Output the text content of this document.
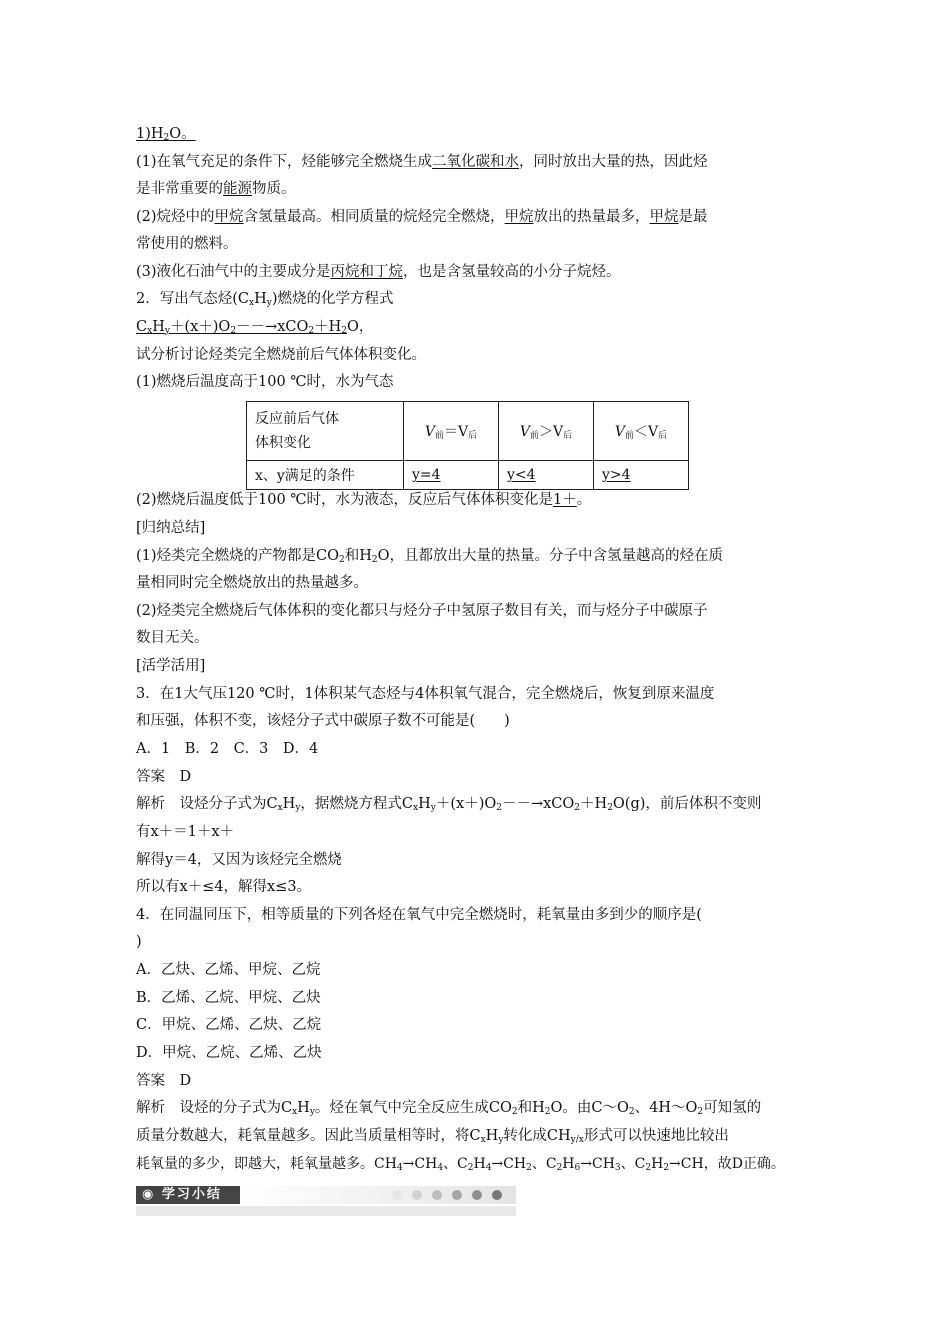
$1)H_2O$。
(1)在氧气充足的条件下，烃能够完全燃烧生成二氧化碳和水，同时放出大量的热，因此烃
是非常重要的能源物质。
(2)烷烃中的甲烷含氢量最高。相同质量的烷烃完全燃烧，甲烷放出的热量最多，甲烷是最
常使用的燃料。
(3)液化石油气中的主要成分是丙烷和丁烷，也是含氢量较高的小分子烷烃。
2．写出气态烃$(C_xH_y)$燃烧的化学方程式
$C_xH_y+(x+)O_2--\to xCO_2+H_2O$，
试分析讨论烃类完全燃烧前后气体体积变化。
(1)燃烧后温度高于100 ℃时，水为气态
反应前后气体
体积变化	$V_前=V_后$	$V_前>V_后$	$V_前<V_后$
x、y满足的条件	y=4	y<4	y>4
(2)燃烧后温度低于100 ℃时，水为液态，反应后气体体积变化是1＋。
[归纳总结]
(1)烃类完全燃烧的产物都是$CO_2$和$H_2O$，且都放出大量的热量。分子中含氢量越高的烃在质
量相同时完全燃烧放出的热量越多。
(2)烃类完全燃烧后气体体积的变化都只与烃分子中氢原子数目有关，而与烃分子中碳原子
数目无关。
[活学活用]
3．在1大气压120 ℃时，1体积某气态烃与4体积氧气混合，完全燃烧后，恢复到原来温度
和压强，体积不变，该烃分子式中碳原子数不可能是(　　)
A．1　B．2　C．3　D．4
答案　D
解析　设烃分子式为$C_xH_y$，据燃烧方程式$C_xH_y+(x+)O_2--\to xCO_2+H_2O(g)$，前后体积不变则
有x＋＝1＋x＋
解得y＝4，又因为该烃完全燃烧
所以有x＋≤4，解得x≤3。
4．在同温同压下，相等质量的下列各烃在氧气中完全燃烧时，耗氧量由多到少的顺序是(
)
A．乙炔、乙烯、甲烷、乙烷
B．乙烯、乙烷、甲烷、乙炔
C．甲烷、乙烯、乙炔、乙烷
D．甲烷、乙烷、乙烯、乙炔
答案　D
解析　设烃的分子式为$C_xH_y$。烃在氧气中完全反应生成$CO_2$和$H_2O$。由$C\sim O_2$、$4H\sim O_2$可知氢的
质量分数越大，耗氧量越多。因此当质量相等时，将$C_xH_y$转化成$CH_{y/x}$形式可以快速地比较出
耗氧量的多少，即越大，耗氧量越多。$CH_4\to CH_4$、$C_2H_4\to CH_2$、$C_2H_6\to CH_3$、$C_2H_2\to CH$，故D正确。
◉ 学习小结
